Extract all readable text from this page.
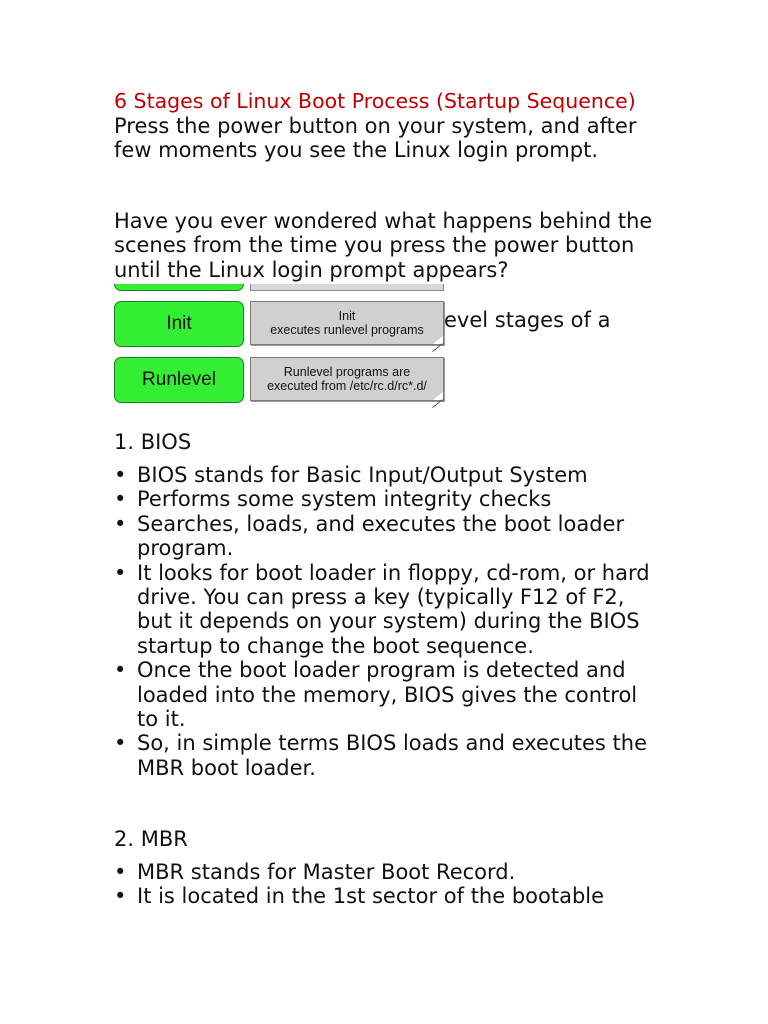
6 Stages of Linux Boot Process (Startup Sequence)

Press the power button on your system, and after few moments you see the Linux login prompt.

Have you ever wondered what happens behind the scenes from the time you press the power button until the Linux login prompt appears?

evel stages of a
Init	Init
executes runlevel programs
Runlevel	Runlevel programs are
executed from /etc/rc.d/rc*.d/
1. BIOS
• BIOS stands for Basic Input/Output System
• Performs some system integrity checks
• Searches, loads, and executes the boot loader program.
• It looks for boot loader in floppy, cd-rom, or hard drive. You can press a key (typically F12 of F2, but it depends on your system) during the BIOS startup to change the boot sequence.
• Once the boot loader program is detected and loaded into the memory, BIOS gives the control to it.
• So, in simple terms BIOS loads and executes the MBR boot loader.
2. MBR
• MBR stands for Master Boot Record.
• It is located in the 1st sector of the bootable
